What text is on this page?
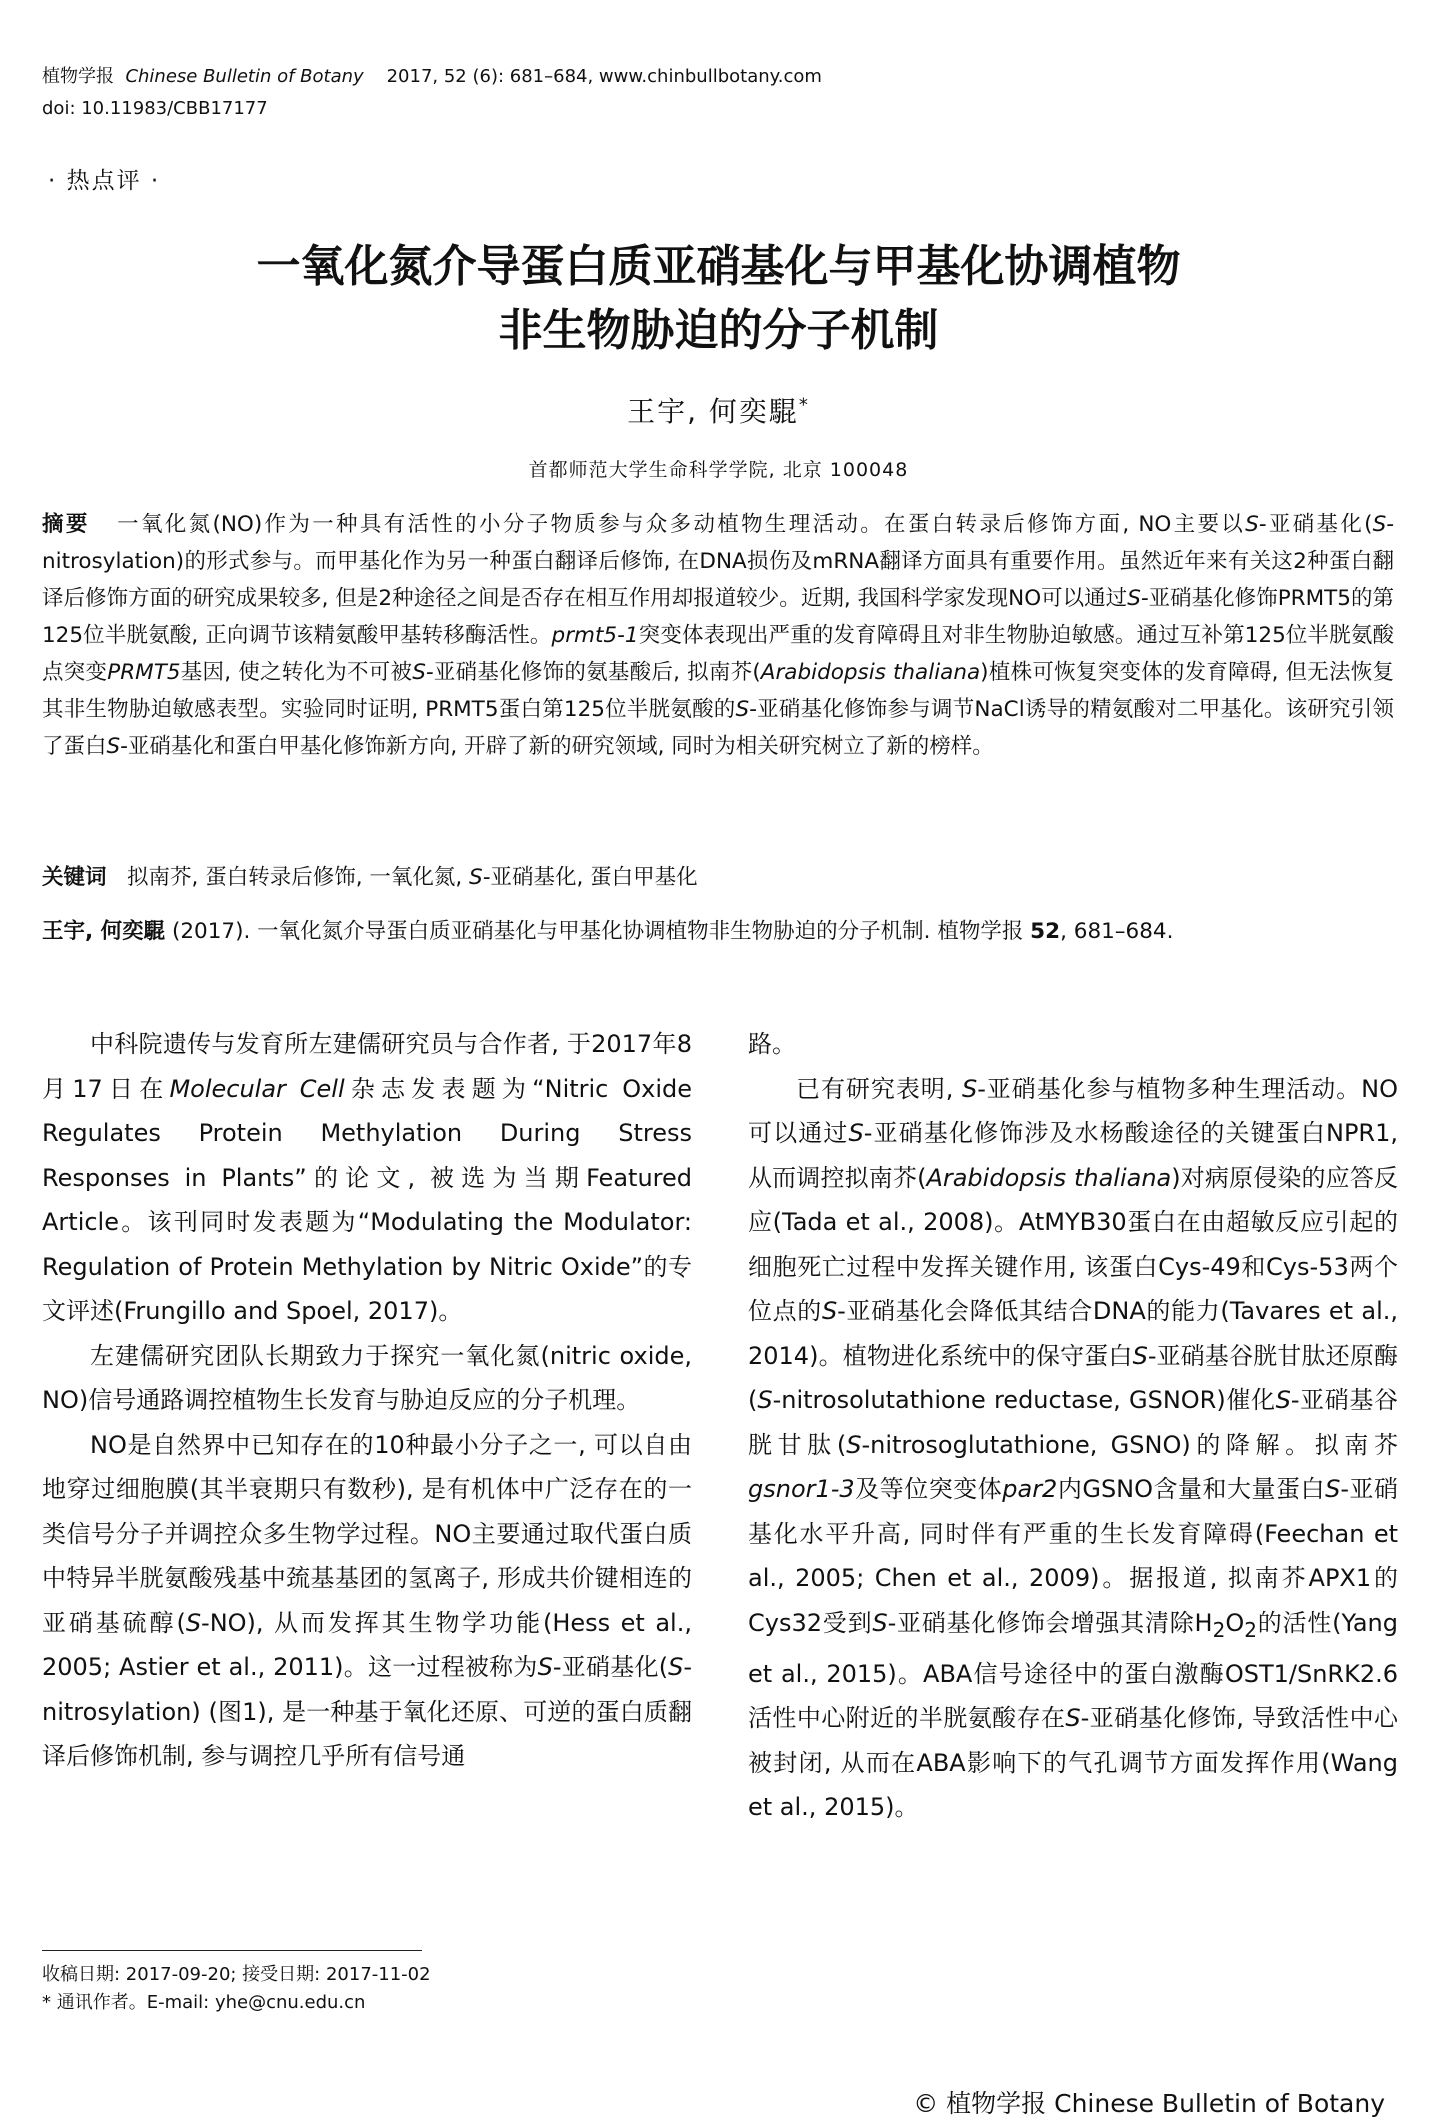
植物学报 Chinese Bulletin of Botany 2017, 52 (6): 681–684, www.chinbullbotany.com
doi: 10.11983/CBB17177
· 热点评 ·
一氧化氮介导蛋白质亚硝基化与甲基化协调植物
非生物胁迫的分子机制
王宇, 何奕騉*
首都师范大学生命科学学院, 北京 100048
摘要 一氧化氮(NO)作为一种具有活性的小分子物质参与众多动植物生理活动。在蛋白转录后修饰方面, NO主要以S-亚硝基化(S-nitrosylation)的形式参与。而甲基化作为另一种蛋白翻译后修饰, 在DNA损伤及mRNA翻译方面具有重要作用。虽然近年来有关这2种蛋白翻译后修饰方面的研究成果较多, 但是2种途径之间是否存在相互作用却报道较少。近期, 我国科学家发现NO可以通过S-亚硝基化修饰PRMT5的第125位半胱氨酸, 正向调节该精氨酸甲基转移酶活性。prmt5-1突变体表现出严重的发育障碍且对非生物胁迫敏感。通过互补第125位半胱氨酸点突变PRMT5基因, 使之转化为不可被S-亚硝基化修饰的氨基酸后, 拟南芥(Arabidopsis thaliana)植株可恢复突变体的发育障碍, 但无法恢复其非生物胁迫敏感表型。实验同时证明, PRMT5蛋白第125位半胱氨酸的S-亚硝基化修饰参与调节NaCl诱导的精氨酸对二甲基化。该研究引领了蛋白S-亚硝基化和蛋白甲基化修饰新方向, 开辟了新的研究领域, 同时为相关研究树立了新的榜样。
关键词 拟南芥, 蛋白转录后修饰, 一氧化氮, S-亚硝基化, 蛋白甲基化
王宇, 何奕騉 (2017). 一氧化氮介导蛋白质亚硝基化与甲基化协调植物非生物胁迫的分子机制. 植物学报 52, 681–684.

中科院遗传与发育所左建儒研究员与合作者, 于2017年8月17日在Molecular Cell杂志发表题为“Nitric Oxide Regulates Protein Methylation During Stress Responses in Plants”的论文, 被选为当期Featured Article。该刊同时发表题为“Modulating the Modulator: Regulation of Protein Methylation by Nitric Oxide”的专文评述(Frungillo and Spoel, 2017)。

左建儒研究团队长期致力于探究一氧化氮(nitric oxide, NO)信号通路调控植物生长发育与胁迫反应的分子机理。

NO是自然界中已知存在的10种最小分子之一, 可以自由地穿过细胞膜(其半衰期只有数秒), 是有机体中广泛存在的一类信号分子并调控众多生物学过程。NO主要通过取代蛋白质中特异半胱氨酸残基中巯基基团的氢离子, 形成共价键相连的亚硝基硫醇(S-NO), 从而发挥其生物学功能(Hess et al., 2005; Astier et al., 2011)。这一过程被称为S-亚硝基化(S-nitrosylation) (图1), 是一种基于氧化还原、可逆的蛋白质翻译后修饰机制, 参与调控几乎所有信号通

路。

已有研究表明, S-亚硝基化参与植物多种生理活动。NO可以通过S-亚硝基化修饰涉及水杨酸途径的关键蛋白NPR1, 从而调控拟南芥(Arabidopsis thaliana)对病原侵染的应答反应(Tada et al., 2008)。AtMYB30蛋白在由超敏反应引起的细胞死亡过程中发挥关键作用, 该蛋白Cys-49和Cys-53两个位点的S-亚硝基化会降低其结合DNA的能力(Tavares et al., 2014)。植物进化系统中的保守蛋白S-亚硝基谷胱甘肽还原酶(S-nitrosolutathione reductase, GSNOR)催化S-亚硝基谷胱甘肽(S-nitrosoglutathione, GSNO)的降解。拟南芥gsnor1-3及等位突变体par2内GSNO含量和大量蛋白S-亚硝基化水平升高, 同时伴有严重的生长发育障碍(Feechan et al., 2005; Chen et al., 2009)。据报道, 拟南芥APX1的Cys32受到S-亚硝基化修饰会增强其清除$H_2O_2$的活性(Yang et al., 2015)。ABA信号途径中的蛋白激酶OST1/SnRK2.6活性中心附近的半胱氨酸存在S-亚硝基化修饰, 导致活性中心被封闭, 从而在ABA影响下的气孔调节方面发挥作用(Wang et al., 2015)。

收稿日期: 2017-09-20; 接受日期: 2017-11-02
* 通讯作者。E-mail: yhe@cnu.edu.cn
© 植物学报 Chinese Bulletin of Botany
